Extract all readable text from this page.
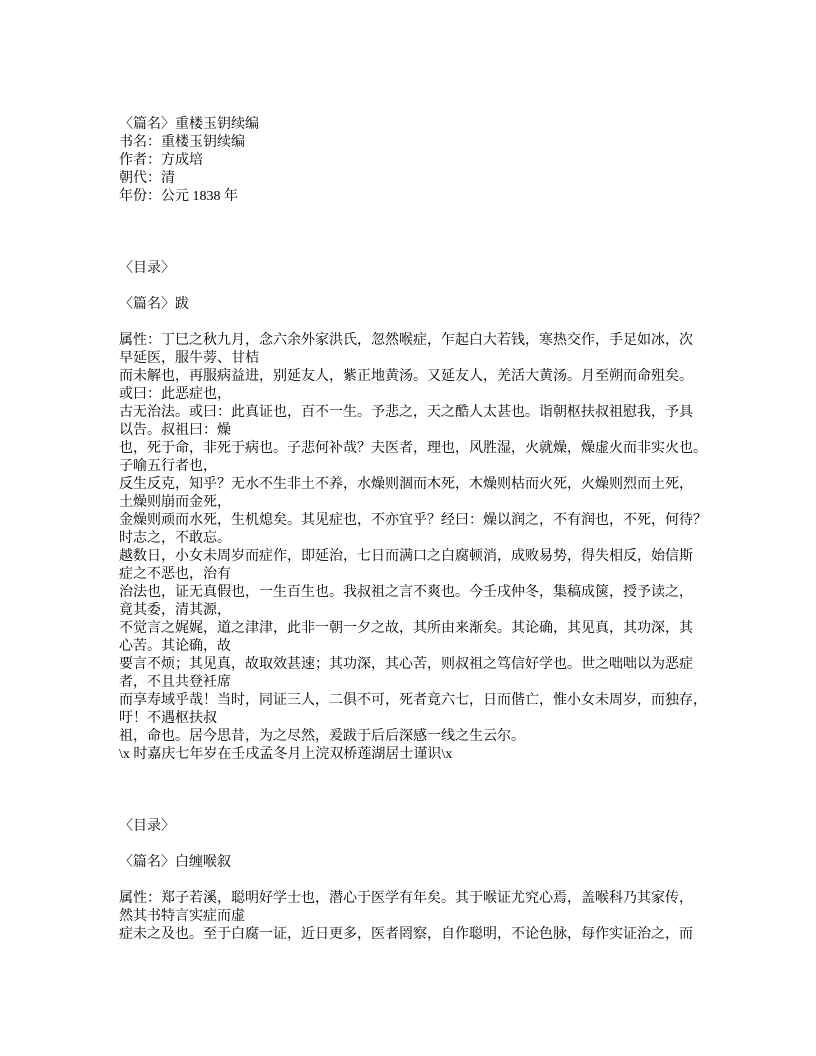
〈篇名〉重楼玉钥续编
书名：重楼玉钥续编
作者：方成培
朝代：清
年份：公元 1838 年
〈目录〉
〈篇名〉跋
属性：丁巳之秋九月，念六余外家洪氏，忽然喉症，乍起白大若钱，寒热交作，手足如冰，次
早延医，服牛蒡、甘桔
而未解也，再服病益进，别延友人，紫正地黄汤。又延友人，羌活大黄汤。月至朔而命殂矣。
或曰：此恶症也，
古无治法。或曰：此真证也，百不一生。予悲之，天之酷人太甚也。诣朝枢扶叔祖慰我，予具
以告。叔祖曰：燥
也，死于命，非死于病也。子悲何补哉？夫医者，理也，风胜湿，火就燥，燥虚火而非实火也。
子喻五行者也，
反生反克，知乎？无水不生非土不养，水燥则涸而木死，木燥则枯而火死，火燥则烈而土死，
土燥则崩而金死，
金燥则顽而水死，生机熄矣。其见症也，不亦宜乎？经曰：燥以润之，不有润也，不死，何待？
时志之，不敢忘。
越数日，小女未周岁而症作，即延治，七日而满口之白腐顿消，成败易势，得失相反，始信斯
症之不恶也，治有
治法也，证无真假也，一生百生也。我叔祖之言不爽也。今壬戌仲冬，集稿成箧，授予读之，
竟其委，清其源，
不觉言之娓娓，道之津津，此非一朝一夕之故，其所由来渐矣。其论确，其见真，其功深，其
心苦。其论确，故
要言不烦；其见真，故取效甚速；其功深，其心苦，则叔祖之笃信好学也。世之咄咄以为恶症
者，不且共登衽席
而享寿域乎哉！当时，同证三人，二俱不可，死者竟六七，日而偕亡，惟小女未周岁，而独存，
吁！不遇枢扶叔
祖，命也。居今思昔，为之尽然，爰跋于后后深感一线之生云尔。
\x 时嘉庆七年岁在壬戌孟冬月上浣双桥莲湖居士谨识\x
〈目录〉
〈篇名〉白缠喉叙
属性：郑子若溪，聪明好学士也，潜心于医学有年矣。其于喉证尤究心焉，盖喉科乃其家传，
然其书特言实症而虚
症未之及也。至于白腐一证，近日更多，医者罔察，自作聪明，不论色脉，每作实证治之，而
